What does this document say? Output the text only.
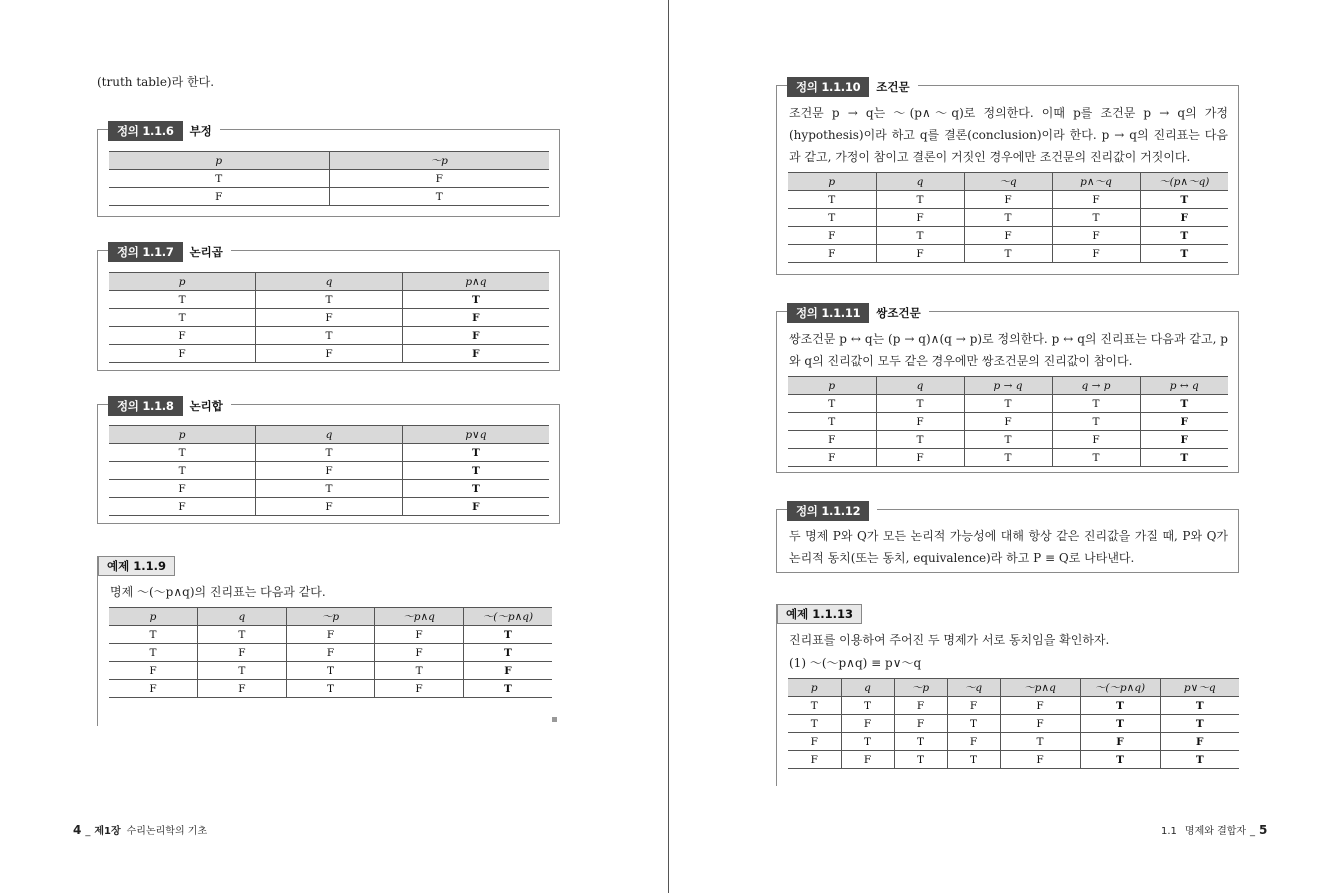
(truth table)라 한다.
정의 1.1.6	부정
p	～p
T	F
F	T
정의 1.1.7	논리곱
p	q	p∧q
T	T	T
T	F	F
F	T	F
F	F	F
정의 1.1.8	논리합
p	q	p∨q
T	T	T
T	F	T
F	T	T
F	F	F
예제 1.1.9
명제 ～(～p∧q)의 진리표는 다음과 같다.
p	q	～p	～p∧q	～(～p∧q)
T	T	F	F	T
T	F	F	F	T
F	T	T	T	F
F	F	T	F	T
4 _ 제1장 수리논리학의 기초
정의 1.1.10	조건문
조건문 p → q는 ～(p∧～q)로 정의한다. 이때 p를 조건문 p → q의 가정(hypothesis)이라 하고 q를 결론(conclusion)이라 한다. p → q의 진리표는 다음과 같고, 가정이 참이고 결론이 거짓인 경우에만 조건문의 진리값이 거짓이다.
p	q	～q	p∧～q	～(p∧～q)
T	T	F	F	T
T	F	T	T	F
F	T	F	F	T
F	F	T	F	T
정의 1.1.11	쌍조건문
쌍조건문 p ↔ q는 (p → q)∧(q → p)로 정의한다. p ↔ q의 진리표는 다음과 같고, p와 q의 진리값이 모두 같은 경우에만 쌍조건문의 진리값이 참이다.
p	q	p → q	q → p	p ↔ q
T	T	T	T	T
T	F	F	T	F
F	T	T	F	F
F	F	T	T	T
정의 1.1.12
두 명제 P와 Q가 모든 논리적 가능성에 대해 항상 같은 진리값을 가질 때, P와 Q가 논리적 동치(또는 동치, equivalence)라 하고 P ≡ Q로 나타낸다.
예제 1.1.13
진리표를 이용하여 주어진 두 명제가 서로 동치임을 확인하자.
(1) ～(～p∧q) ≡ p∨～q
p	q	～p	～q	～p∧q	～(～p∧q)	p∨～q
T	T	F	F	F	T	T
T	F	F	T	F	T	T
F	T	T	F	T	F	F
F	F	T	T	F	T	T
1.1 명제와 결합자 _ 5
